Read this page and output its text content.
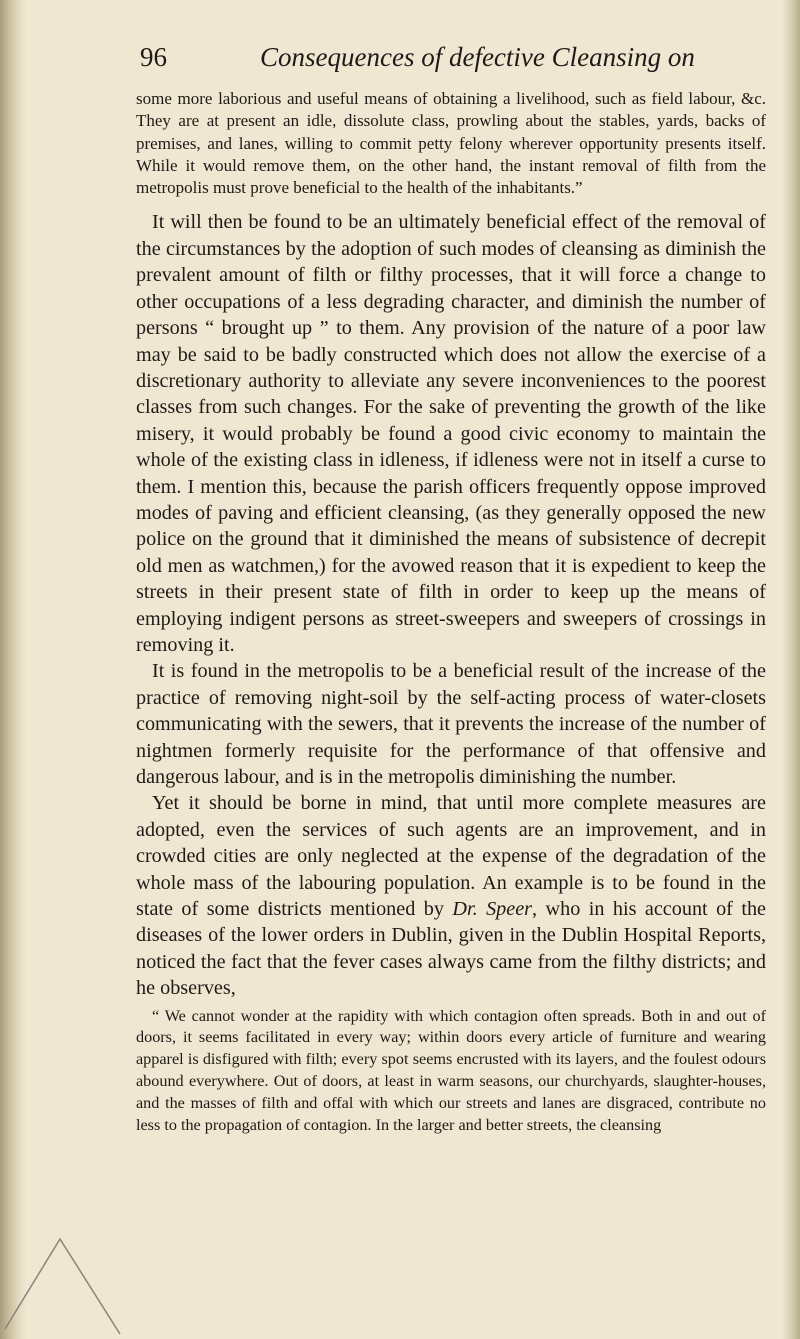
96	Consequences of defective Cleansing on

some more laborious and useful means of obtaining a livelihood, such as field labour, &c. They are at present an idle, dissolute class, prowling about the stables, yards, backs of premises, and lanes, willing to commit petty felony wherever opportunity presents itself. While it would remove them, on the other hand, the instant removal of filth from the metropolis must prove beneficial to the health of the inhabitants.”

It will then be found to be an ultimately beneficial effect of the removal of the circumstances by the adoption of such modes of cleansing as diminish the prevalent amount of filth or filthy processes, that it will force a change to other occupations of a less degrading character, and diminish the number of persons “ brought up ” to them. Any provision of the nature of a poor law may be said to be badly constructed which does not allow the exercise of a discretionary authority to alleviate any severe inconveniences to the poorest classes from such changes. For the sake of preventing the growth of the like misery, it would probably be found a good civic economy to maintain the whole of the existing class in idleness, if idleness were not in itself a curse to them. I mention this, because the parish officers frequently oppose improved modes of paving and efficient cleansing, (as they generally opposed the new police on the ground that it diminished the means of subsistence of decrepit old men as watchmen,) for the avowed reason that it is expedient to keep the streets in their present state of filth in order to keep up the means of employing indigent persons as street-sweepers and sweepers of crossings in removing it.

It is found in the metropolis to be a beneficial result of the increase of the practice of removing night-soil by the self-acting process of water-closets communicating with the sewers, that it prevents the increase of the number of nightmen formerly requisite for the performance of that offensive and dangerous labour, and is in the metropolis diminishing the number.

Yet it should be borne in mind, that until more complete measures are adopted, even the services of such agents are an improvement, and in crowded cities are only neglected at the expense of the degradation of the whole mass of the labouring population. An example is to be found in the state of some districts mentioned by Dr. Speer, who in his account of the diseases of the lower orders in Dublin, given in the Dublin Hospital Reports, noticed the fact that the fever cases always came from the filthy districts; and he observes,

“ We cannot wonder at the rapidity with which contagion often spreads. Both in and out of doors, it seems facilitated in every way; within doors every article of furniture and wearing apparel is disfigured with filth; every spot seems encrusted with its layers, and the foulest odours abound everywhere. Out of doors, at least in warm seasons, our churchyards, slaughter-houses, and the masses of filth and offal with which our streets and lanes are disgraced, contribute no less to the propagation of contagion. In the larger and better streets, the cleansing
